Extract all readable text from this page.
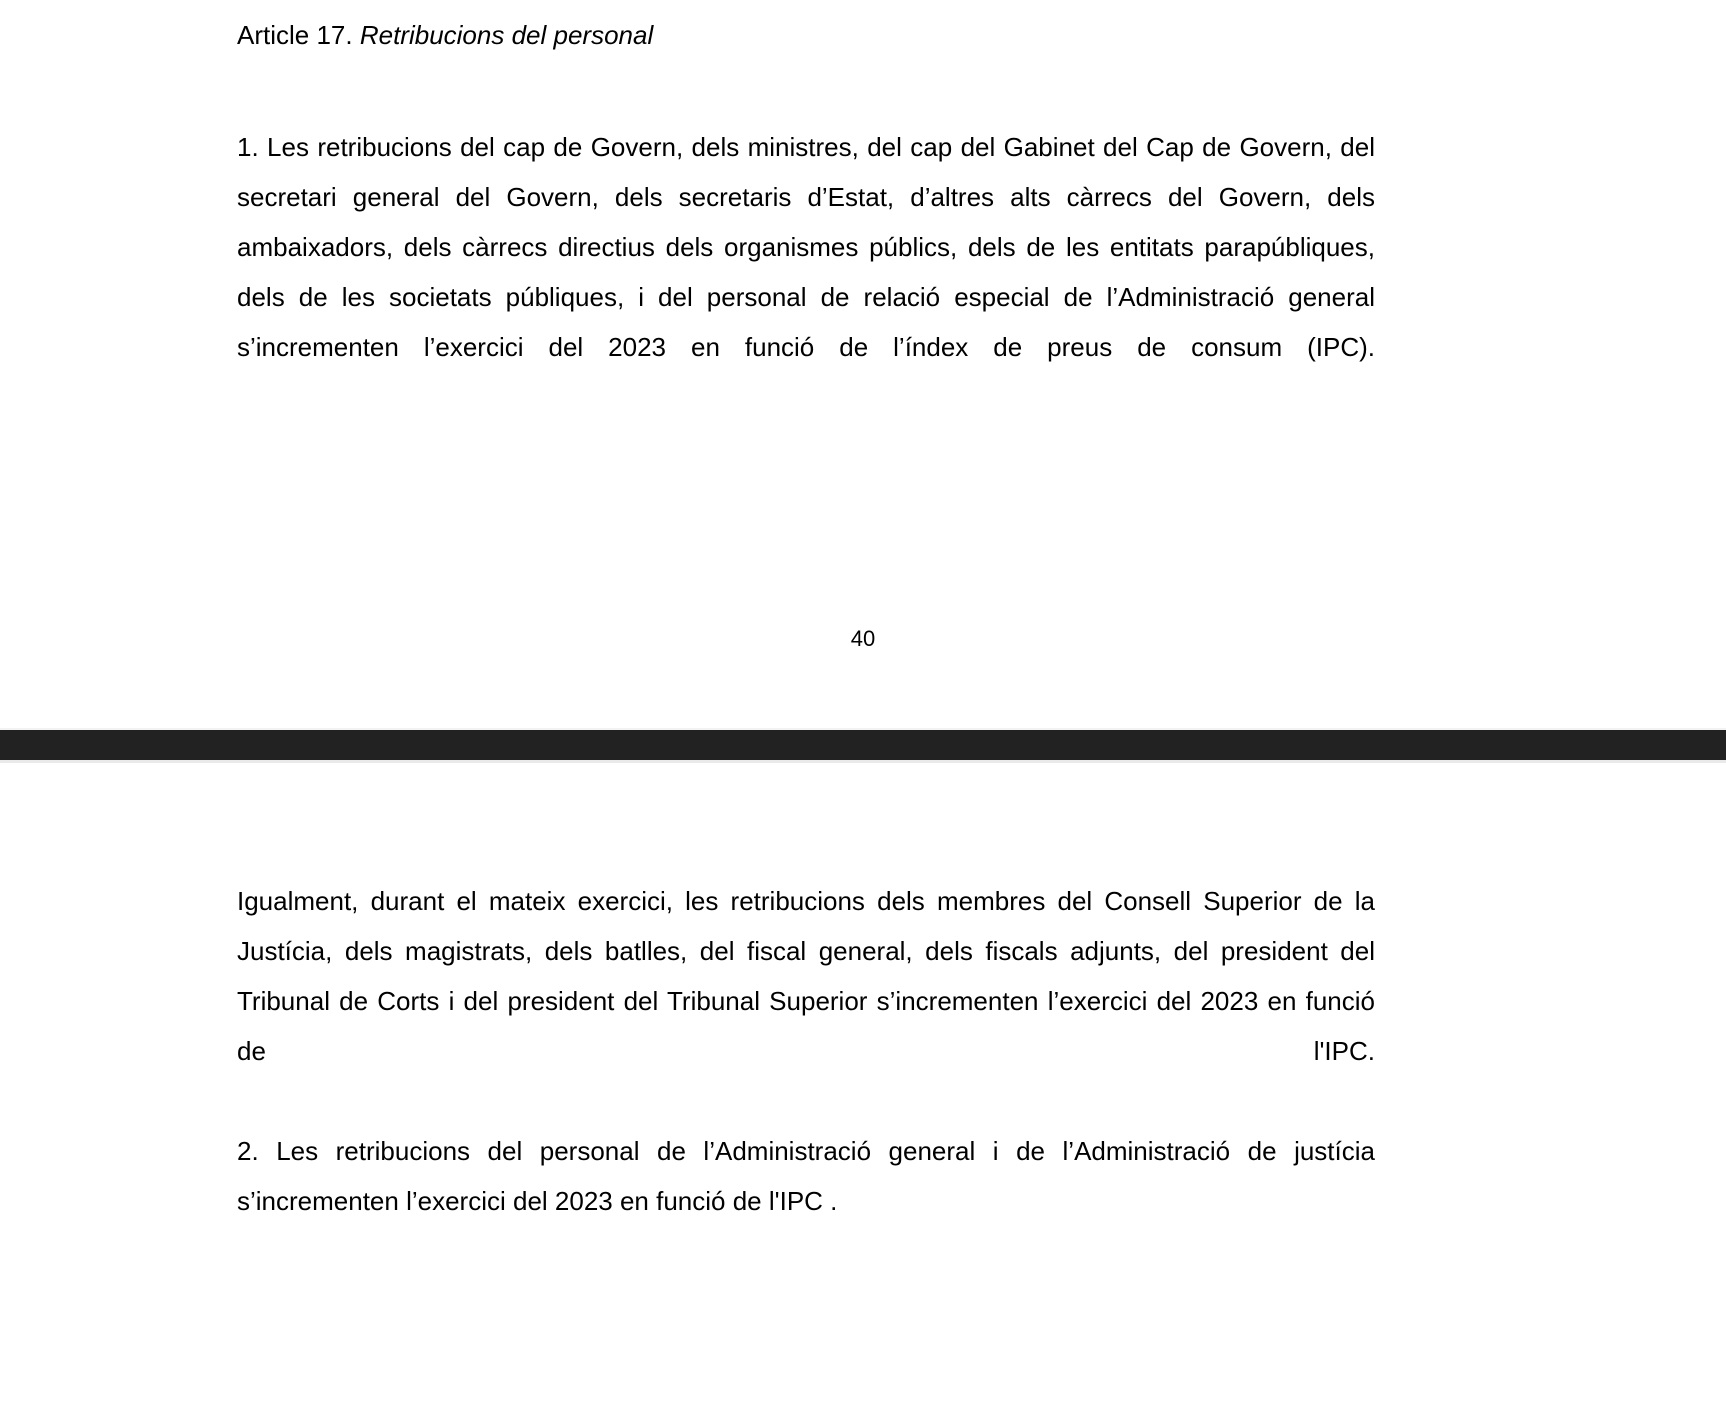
Article 17. Retribucions del personal

1. Les retribucions del cap de Govern, dels ministres, del cap del Gabinet del Cap de Govern, del secretari general del Govern, dels secretaris d’Estat, d’altres alts càrrecs del Govern, dels ambaixadors, dels càrrecs directius dels organismes públics, dels de les entitats parapúbliques, dels de les societats públiques, i del personal de relació especial de l’Administració general s’incrementen l’exercici del 2023 en funció de l’índex de preus de consum (IPC).

40

Igualment, durant el mateix exercici, les retribucions dels membres del Consell Superior de la Justícia, dels magistrats, dels batlles, del fiscal general, dels fiscals adjunts, del president del Tribunal de Corts i del president del Tribunal Superior s’incrementen l’exercici del 2023 en funció de l'IPC.

2. Les retribucions del personal de l’Administració general i de l’Administració de justícia s’incrementen l’exercici del 2023 en funció de l'IPC .
